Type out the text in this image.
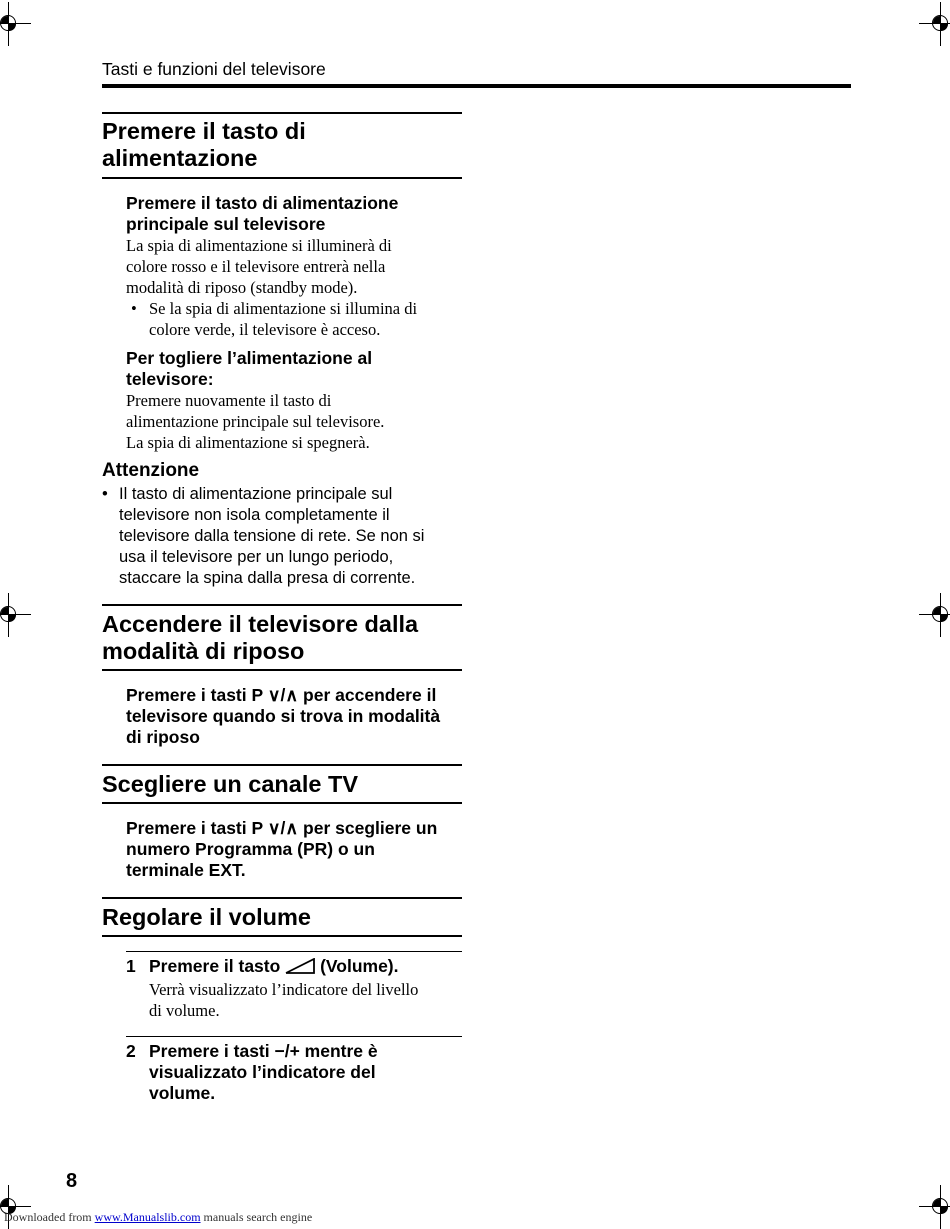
Tasti e funzioni del televisore
Premere il tasto di
alimentazione
Premere il tasto di alimentazione
principale sul televisore
La spia di alimentazione si illuminerà di
colore rosso e il televisore entrerà nella
modalità di riposo (standby mode).
• Se la spia di alimentazione si illumina di
colore verde, il televisore è acceso.
Per togliere l’alimentazione al
televisore:
Premere nuovamente il tasto di
alimentazione principale sul televisore.
La spia di alimentazione si spegnerà.
Attenzione
• Il tasto di alimentazione principale sul
televisore non isola completamente il
televisore dalla tensione di rete. Se non si
usa il televisore per un lungo periodo,
staccare la spina dalla presa di corrente.
Accendere il televisore dalla
modalità di riposo
Premere i tasti P ∨/∧ per accendere il
televisore quando si trova in modalità
di riposo
Scegliere un canale TV
Premere i tasti P ∨/∧ per scegliere un
numero Programma (PR) o un
terminale EXT.
Regolare il volume
1 Premere il tasto (Volume).
Verrà visualizzato l’indicatore del livello
di volume.
2 Premere i tasti −/+ mentre è
visualizzato l’indicatore del
volume.
8
Downloaded from www.Manualslib.com manuals search engine
